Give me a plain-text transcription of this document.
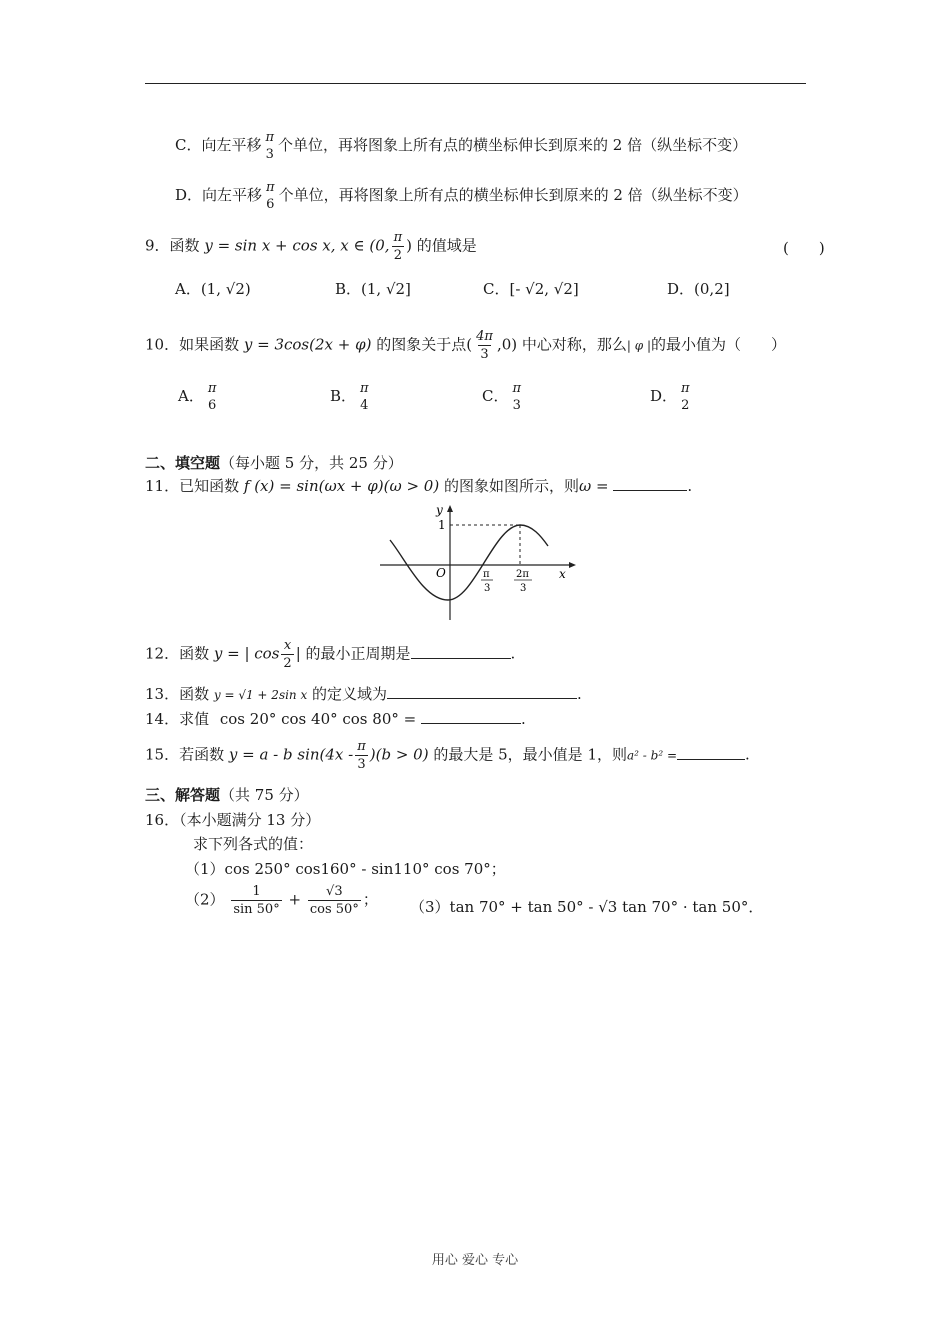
C．向左平移 π
3
个单位，再将图象上所有点的横坐标伸长到原来的 2 倍（纵坐标不变）
D．向左平移 π
6
个单位，再将图象上所有点的横坐标伸长到原来的 2 倍（纵坐标不变）
9．函数 y = sin x + cos x, x ∈ (0, $\frac{\pi}{2}$ ) 的值域是	(　　)
A．(1, √2)	B．(1, √2]	C．[- √2, √2]	D．(0,2]
10．如果函数 y = 3cos(2x + φ) 的图象关于点( $\frac{4\pi}{3} ,0$) 中心对称，那么| φ |的最小值为（　　）
A． π
6
B． π
4
C． π
3
D． π
2
二、填空题（每小题 5 分，共 25 分）
11．已知函数 f (x) = sin(ωx + φ)(ω > 0) 的图象如图所示，则ω =	.
y
x
1
O	π
3
2π
3
12．函数 y = | $\cos \frac{x}{2}$ | 的最小正周期是	.
13．函数 y = √1 + 2sin x 的定义域为	.
14．求值 cos 20° cos 40° cos 80° =	.
15．若函数 y = a - b $\sin(4x - \frac{\pi}{3} )(b > 0)$ 的最大是 5，最小值是 1，则a² - b² =	.
三、解答题（共 75 分）
16．（本小题满分 13 分）
求下列各式的值：
（1）cos 250° cos160° - sin110° cos 70°；
$(2) \frac{1}{\sin 50^\circ} + \frac{√3}{\cos 50^\circ}$ ； （3）tan 70° + tan 50° - √3 tan 70° · tan 50°．
用心 爱心 专心
